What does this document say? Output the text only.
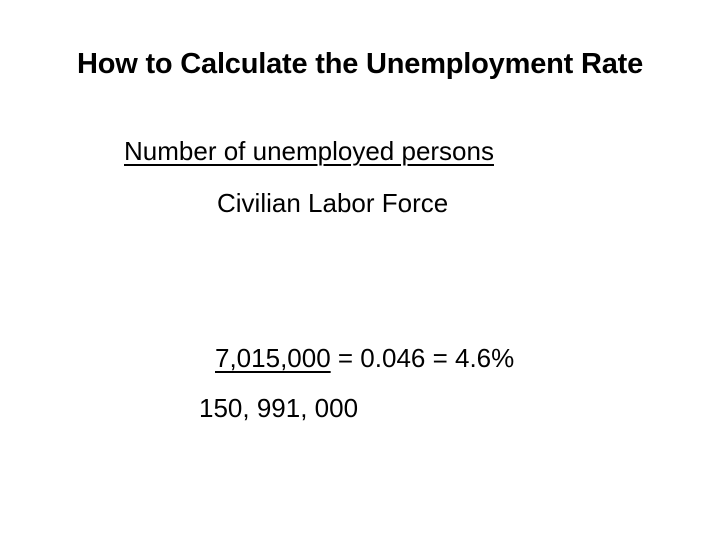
How to Calculate the Unemployment Rate
Number of unemployed persons
Civilian Labor Force
7,015,000 = 0.046 = 4.6%
150, 991, 000
